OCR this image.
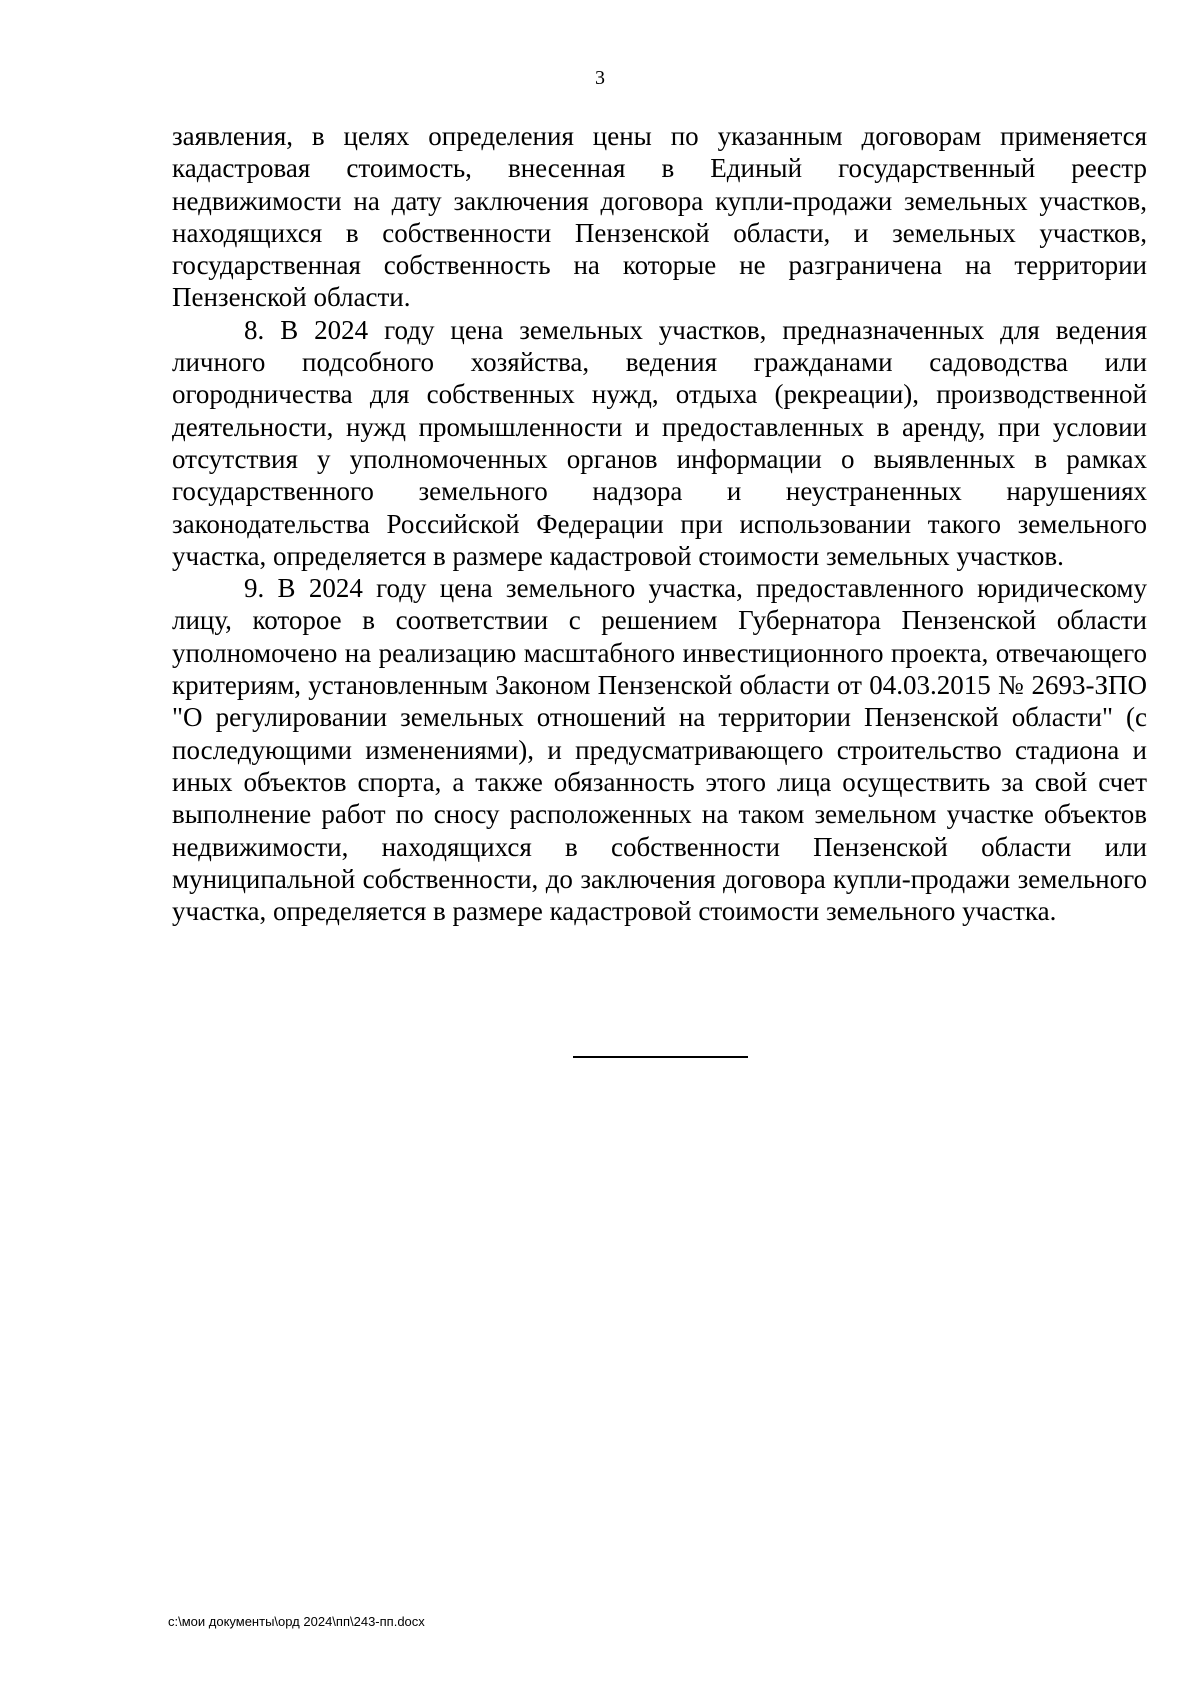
3

заявления, в целях определения цены по указанным договорам применяется кадастровая стоимость, внесенная в Единый государственный реестр недвижимости на дату заключения договора купли-продажи земельных участков, находящихся в собственности Пензенской области, и земельных участков, государственная собственность на которые не разграничена на территории Пензенской области.

8. В 2024 году цена земельных участков, предназначенных для ведения личного подсобного хозяйства, ведения гражданами садоводства или огородничества для собственных нужд, отдыха (рекреации), производственной деятельности, нужд промышленности и предоставленных в аренду, при условии отсутствия у уполномоченных органов информации о выявленных в рамках государственного земельного надзора и неустраненных нарушениях законодательства Российской Федерации при использовании такого земельного участка, определяется в размере кадастровой стоимости земельных участков.

9. В 2024 году цена земельного участка, предоставленного юридическому лицу, которое в соответствии с решением Губернатора Пензенской области уполномочено на реализацию масштабного инвестиционного проекта, отвечающего критериям, установленным Законом Пензенской области от 04.03.2015 № 2693-ЗПО "О регулировании земельных отношений на территории Пензенской области" (с последующими изменениями), и предусматривающего строительство стадиона и иных объектов спорта, а также обязанность этого лица осуществить за свой счет выполнение работ по сносу расположенных на таком земельном участке объектов недвижимости, находящихся в собственности Пензенской области или муниципальной собственности, до заключения договора купли-продажи земельного участка, определяется в размере кадастровой стоимости земельного участка.

c:\мои документы\орд 2024\пп\243-пп.docx
